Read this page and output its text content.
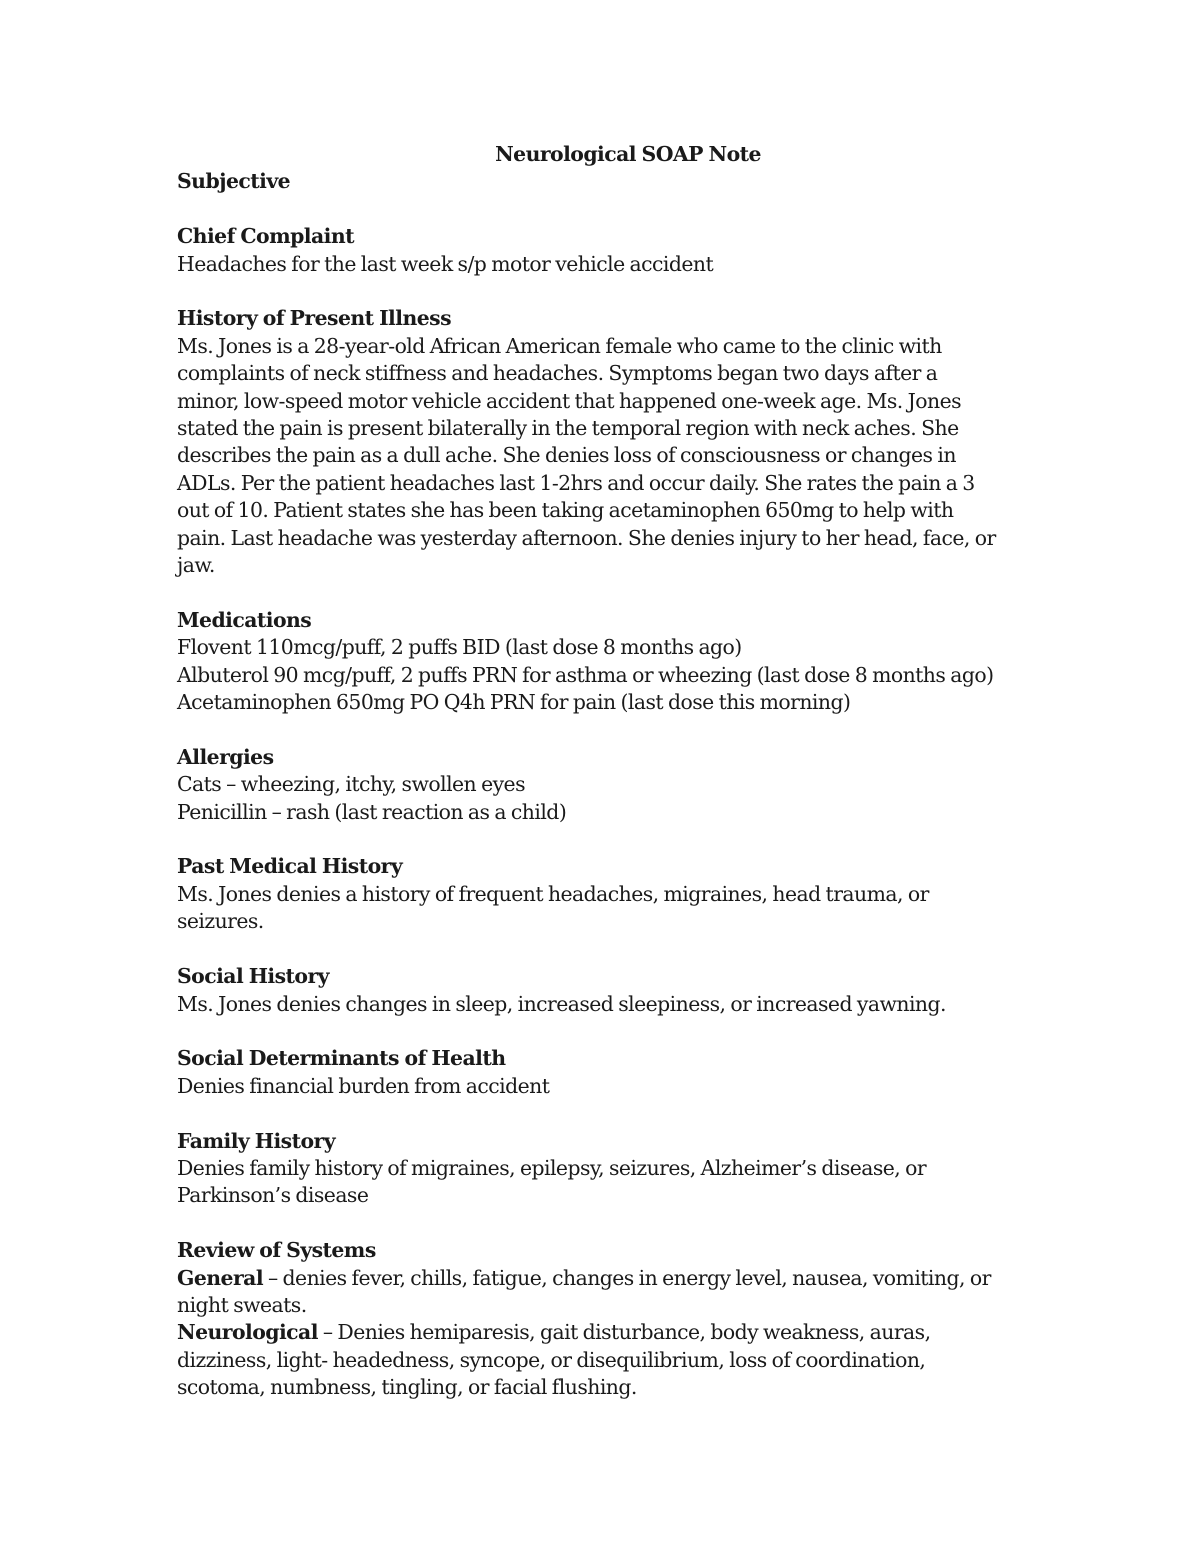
Neurological SOAP Note

Subjective

Chief Complaint

Headaches for the last week s/p motor vehicle accident

History of Present Illness

Ms. Jones is a 28-year-old African American female who came to the clinic with

complaints of neck stiffness and headaches. Symptoms began two days after a

minor, low-speed motor vehicle accident that happened one-week age. Ms. Jones

stated the pain is present bilaterally in the temporal region with neck aches. She

describes the pain as a dull ache. She denies loss of consciousness or changes in

ADLs. Per the patient headaches last 1-2hrs and occur daily. She rates the pain a 3

out of 10. Patient states she has been taking acetaminophen 650mg to help with

pain. Last headache was yesterday afternoon. She denies injury to her head, face, or

jaw.

Medications

Flovent 110mcg/puff, 2 puffs BID (last dose 8 months ago)

Albuterol 90 mcg/puff, 2 puffs PRN for asthma or wheezing (last dose 8 months ago)

Acetaminophen 650mg PO Q4h PRN for pain (last dose this morning)

Allergies

Cats – wheezing, itchy, swollen eyes

Penicillin – rash (last reaction as a child)

Past Medical History

Ms. Jones denies a history of frequent headaches, migraines, head trauma, or

seizures.

Social History

Ms. Jones denies changes in sleep, increased sleepiness, or increased yawning.

Social Determinants of Health

Denies financial burden from accident

Family History

Denies family history of migraines, epilepsy, seizures, Alzheimer’s disease, or

Parkinson’s disease

Review of Systems

General – denies fever, chills, fatigue, changes in energy level, nausea, vomiting, or

night sweats.

Neurological – Denies hemiparesis, gait disturbance, body weakness, auras,

dizziness, light- headedness, syncope, or disequilibrium, loss of coordination,

scotoma, numbness, tingling, or facial flushing.
